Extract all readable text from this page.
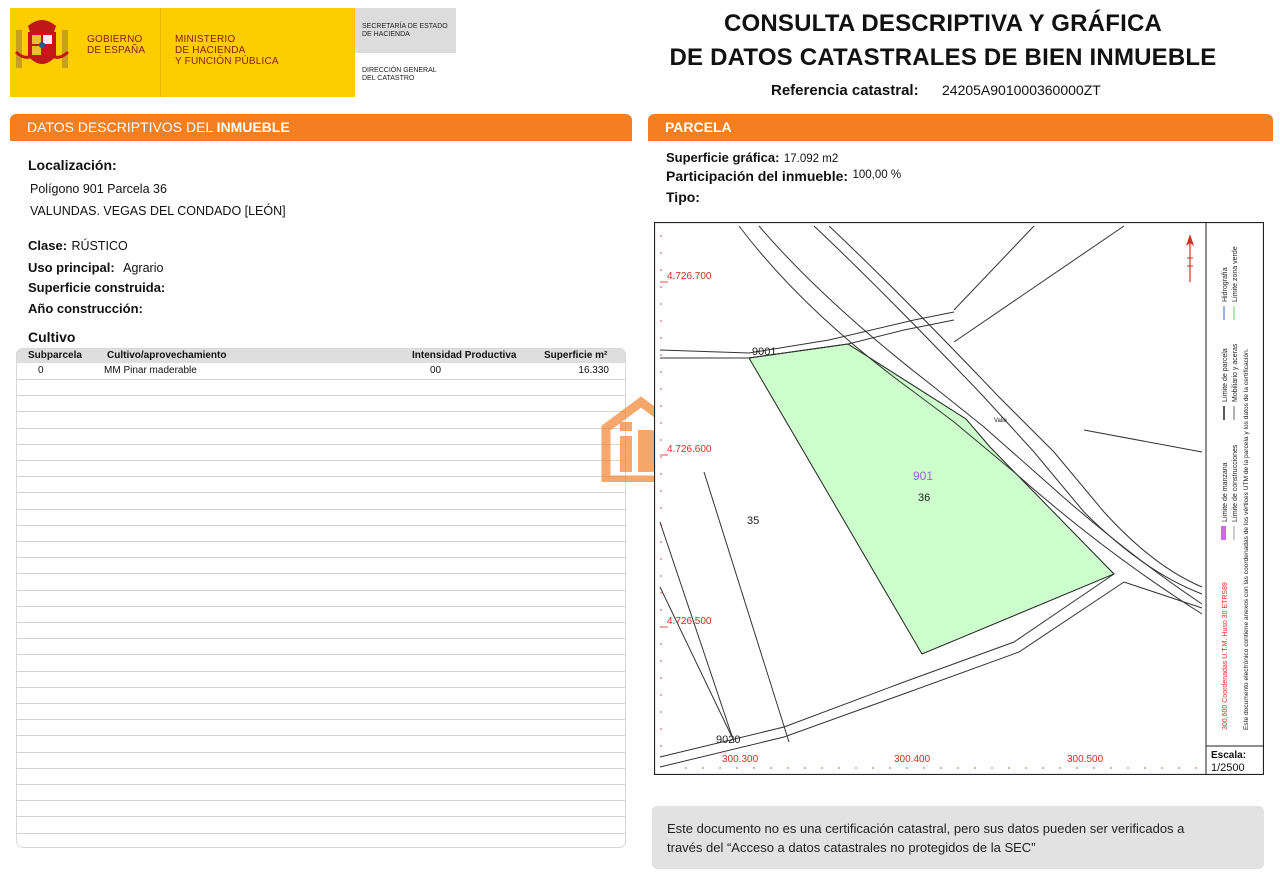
GOBIERNO
DE ESPAÑA
MINISTERIO
DE HACIENDA
Y FUNCIÓN PÚBLICA
SECRETARÍA DE ESTADO
DE HACIENDA
DIRECCIÓN GENERAL
DEL CATASTRO
CONSULTA DESCRIPTIVA Y GRÁFICA
DE DATOS CATASTRALES DE BIEN INMUEBLE
Referencia catastral: 24205A901000360000ZT
DATOS DESCRIPTIVOS DEL INMUEBLE
Localización:
Polígono 901 Parcela 36
VALUNDAS. VEGAS DEL CONDADO [LEÓN]
Clase: RÚSTICO
Uso principal: Agrario
Superficie construida:
Año construcción:
Cultivo
Subparcela	Cultivo/aprovechamiento	Intensidad Productiva	Superficie m²
0	MM Pinar maderable	00	16.330
PARCELA
Superficie gráfica: 17.092 m2
Participación del inmueble: 100,00 %
Tipo:
4.726.700
4.726.600
4.726.500
300.300	300.400	300.500
9001
9020
Valle
901
36
35
300,600 Coordenadas U.T.M. Huso 30 ETRS89
Límite de manzana
Límite de parcela
Hidrografía
Límite de construcciones
Mobiliario y aceras
Límite zona verde
Este documento electrónico contiene anexos con las coordenadas de los vértices UTM de la parcela y los datos de la certificación.
Escala:
1/2500
Este documento no es una certificación catastral, pero sus datos pueden ser verificados a
través del “Acceso a datos catastrales no protegidos de la SEC”
